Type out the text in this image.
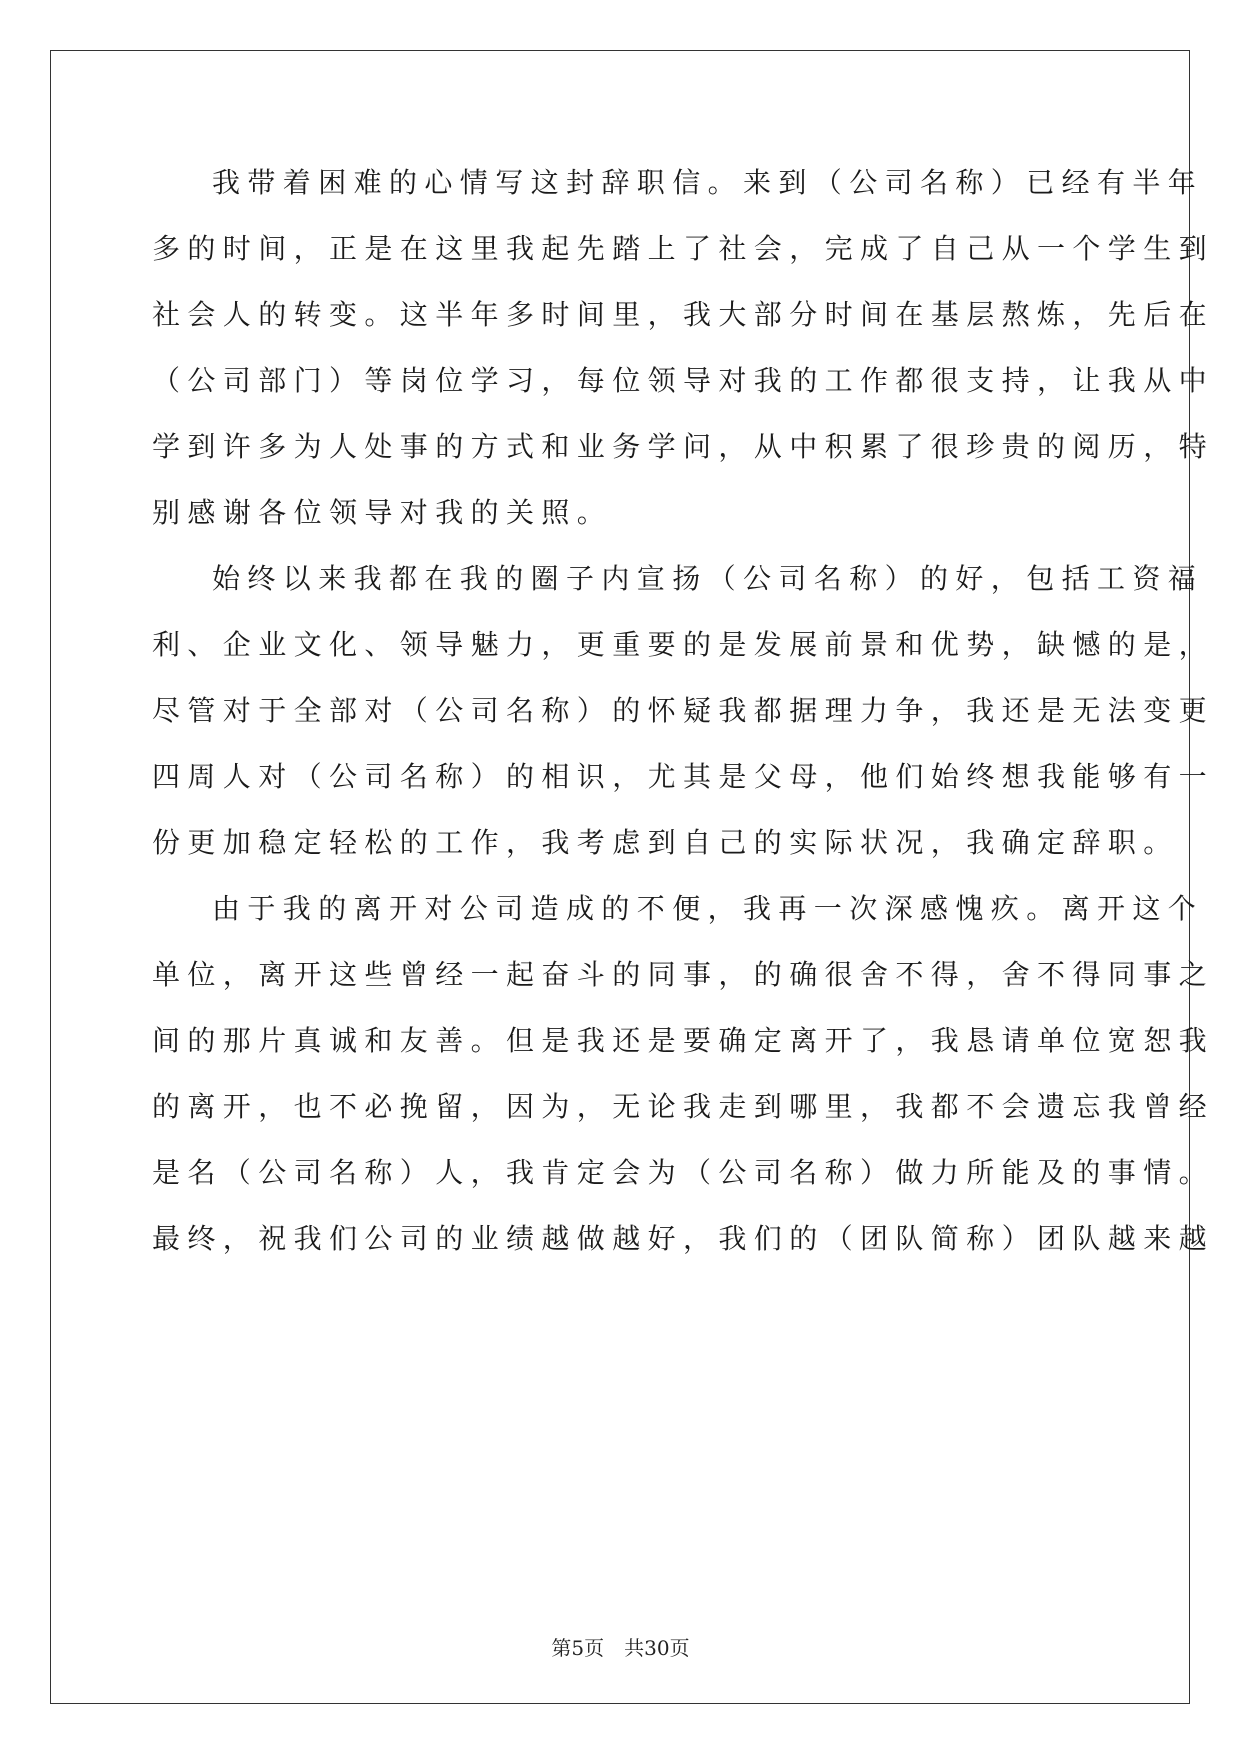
我带着困难的心情写这封辞职信。来到（公司名称）已经有半年
多的时间，正是在这里我起先踏上了社会，完成了自己从一个学生到
社会人的转变。这半年多时间里，我大部分时间在基层熬炼，先后在
（公司部门）等岗位学习，每位领导对我的工作都很支持，让我从中
学到许多为人处事的方式和业务学问，从中积累了很珍贵的阅历，特
别感谢各位领导对我的关照。
始终以来我都在我的圈子内宣扬（公司名称）的好，包括工资福
利、企业文化、领导魅力，更重要的是发展前景和优势，缺憾的是，
尽管对于全部对（公司名称）的怀疑我都据理力争，我还是无法变更
四周人对（公司名称）的相识，尤其是父母，他们始终想我能够有一
份更加稳定轻松的工作，我考虑到自己的实际状况，我确定辞职。
由于我的离开对公司造成的不便，我再一次深感愧疚。离开这个
单位，离开这些曾经一起奋斗的同事，的确很舍不得，舍不得同事之
间的那片真诚和友善。但是我还是要确定离开了，我恳请单位宽恕我
的离开，也不必挽留，因为，无论我走到哪里，我都不会遗忘我曾经
是名（公司名称）人，我肯定会为（公司名称）做力所能及的事情。
最终，祝我们公司的业绩越做越好，我们的（团队简称）团队越来越
第5页　共30页
